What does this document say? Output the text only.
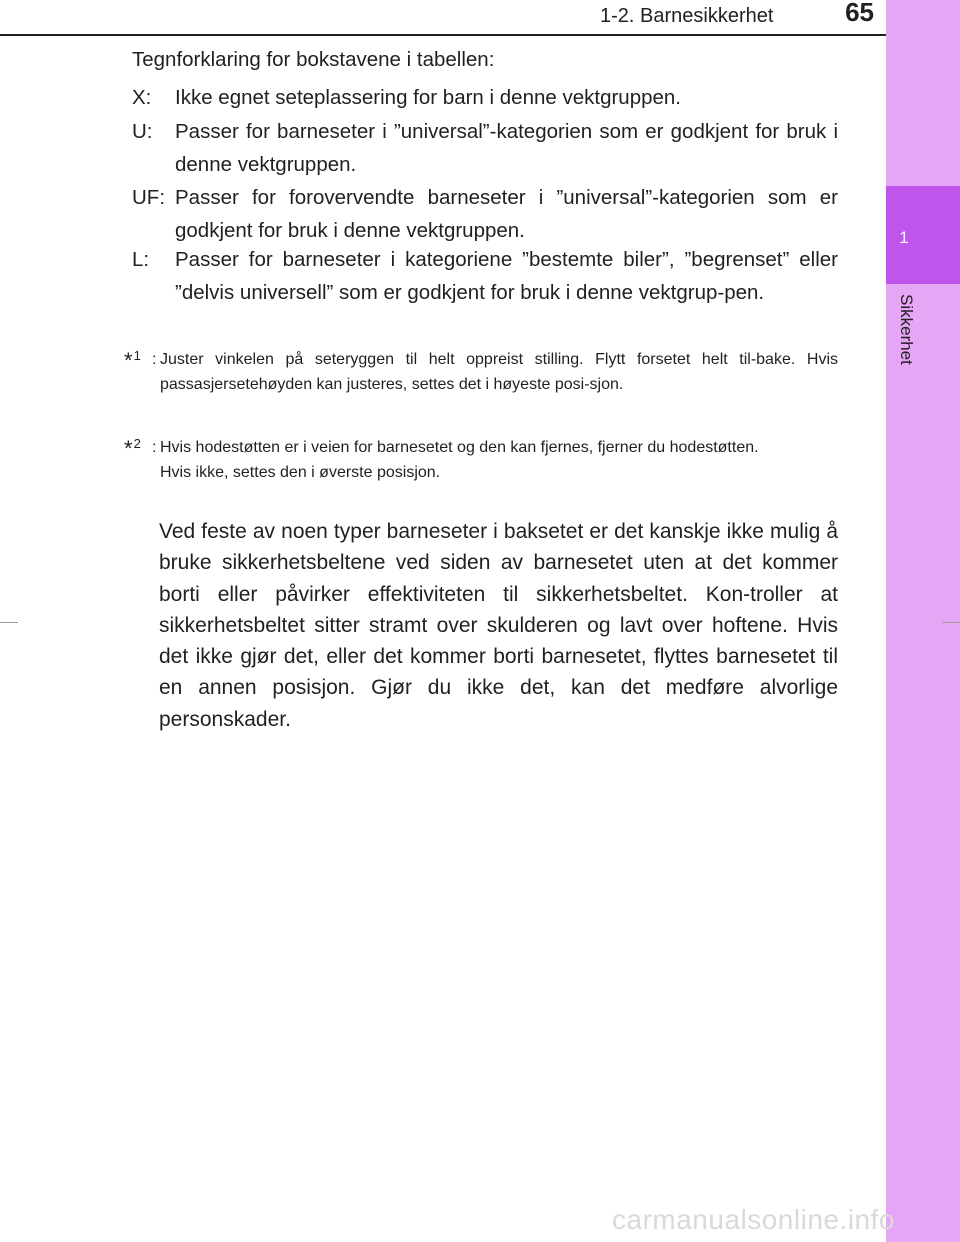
1
Sikkerhet
1-2. Barnesikkerhet	65
Tegnforklaring for bokstavene i tabellen:
X: Ikke egnet seteplassering for barn i denne vektgruppen.
U: Passer for barneseter i ”universal”-kategorien som er godkjent for bruk i denne vektgruppen.
UF: Passer for forovervendte barneseter i ”universal”-kategorien som er godkjent for bruk i denne vektgruppen.
L: Passer for barneseter i kategoriene ”bestemte biler”, ”begrenset” eller ”delvis universell” som er godkjent for bruk i denne vektgrup-pen.
*$^1$ : Juster vinkelen på seteryggen til helt oppreist stilling. Flytt forsetet helt til-bake. Hvis passasjersetehøyden kan justeres, settes det i høyeste posi-sjon.
*$^2$ : Hvis hodestøtten er i veien for barnesetet og den kan fjernes, fjerner du hodestøtten.
Hvis ikke, settes den i øverste posisjon.
Ved feste av noen typer barneseter i baksetet er det kanskje ikke mulig å bruke sikkerhetsbeltene ved siden av barnesetet uten at det kommer borti eller påvirker effektiviteten til sikkerhetsbeltet. Kon-troller at sikkerhetsbeltet sitter stramt over skulderen og lavt over hoftene. Hvis det ikke gjør det, eller det kommer borti barnesetet, flyttes barnesetet til en annen posisjon. Gjør du ikke det, kan det medføre alvorlige personskader.
carmanualsonline.info
